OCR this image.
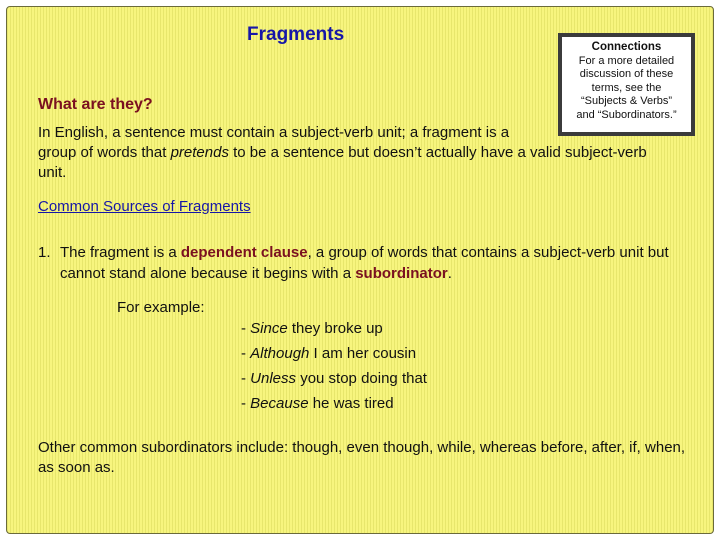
Fragments
Connections
For a more detailed
discussion of these
terms, see the
“Subjects & Verbs”
and “Subordinators.”
What are they?
In English, a sentence must contain a subject-verb unit; a fragment is a
group of words that pretends to be a sentence but doesn’t actually have a valid subject-verb
unit.
Common Sources of Fragments
1. The fragment is a dependent clause, a group of words that contains a subject-verb unit but cannot stand alone because it begins with a subordinator.
For example:
- Since they broke up
- Although I am her cousin
- Unless you stop doing that
- Because he was tired
Other common subordinators include: though, even though, while, whereas before, after, if, when, as soon as.
